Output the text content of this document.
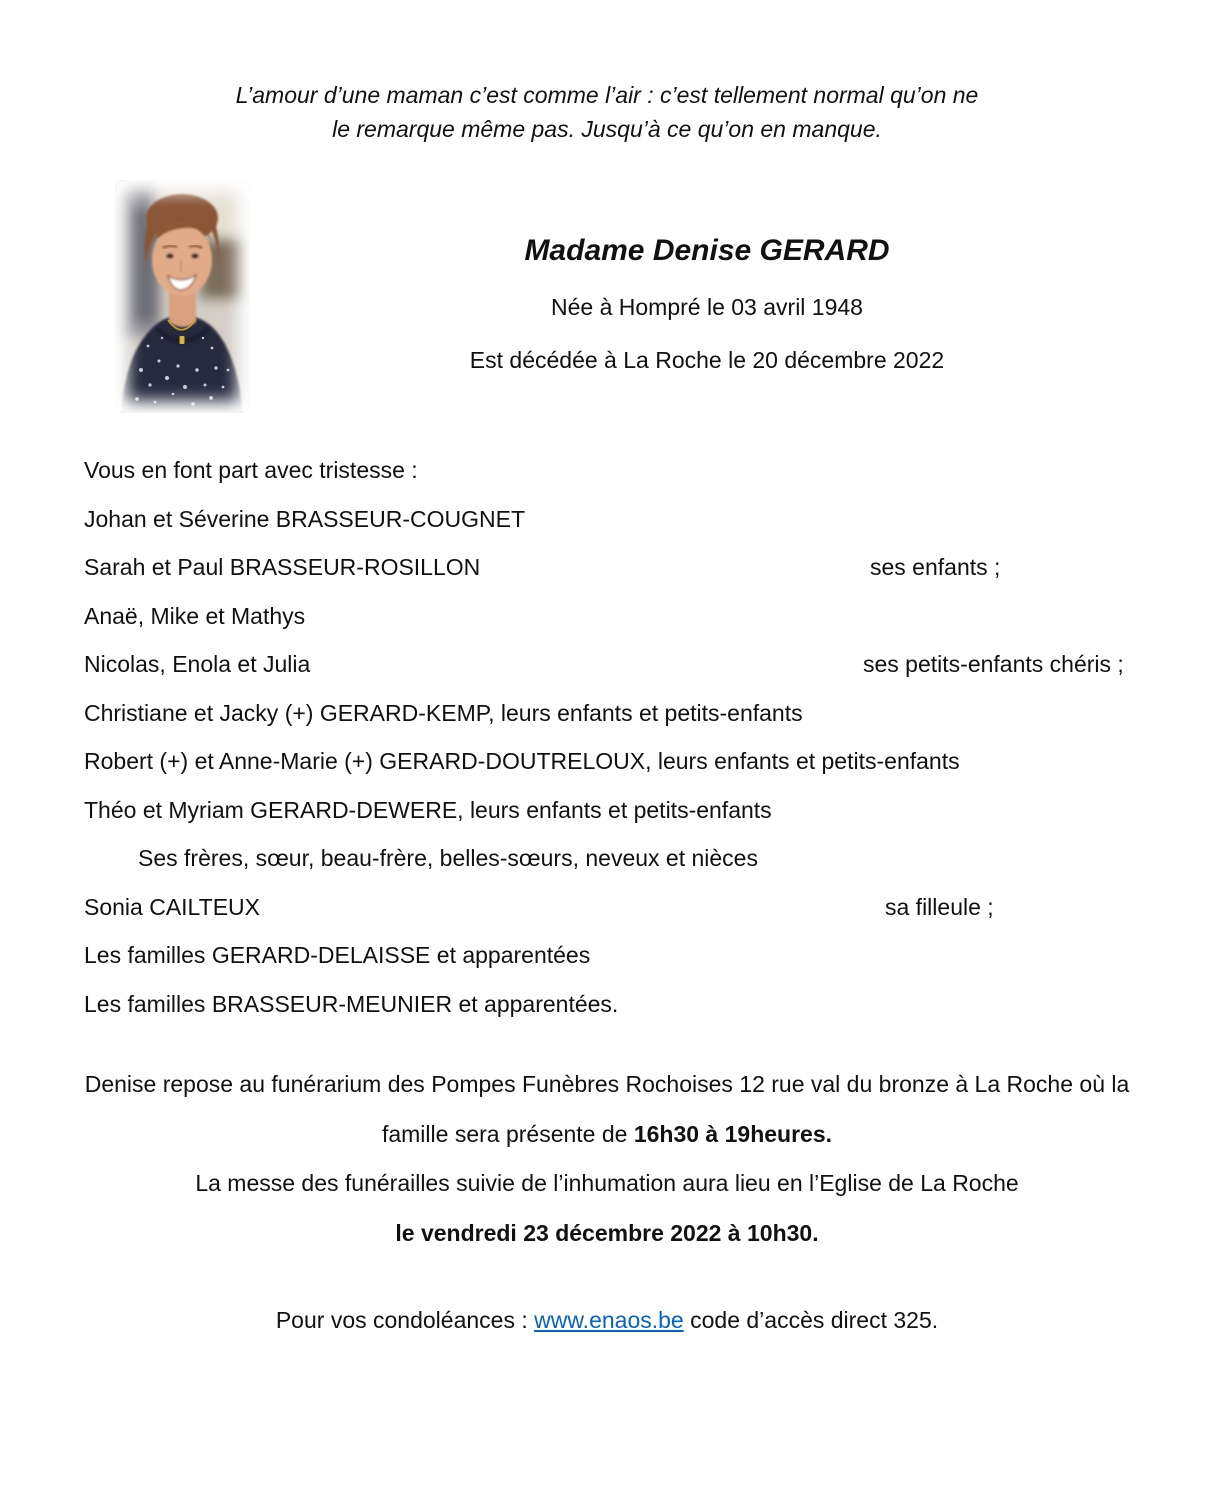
L’amour d’une maman c’est comme l’air : c’est tellement normal qu’on ne
le remarque même pas. Jusqu’à ce qu’on en manque.
Madame Denise GERARD
Née à Hompré le 03 avril 1948
Est décédée à La Roche le 20 décembre 2022
Vous en font part avec tristesse :
Johan et Séverine BRASSEUR-COUGNET
Sarah et Paul BRASSEUR-ROSILLON	ses enfants ;
Anaë, Mike et Mathys
Nicolas, Enola et Julia	ses petits-enfants chéris ;
Christiane et Jacky (+) GERARD-KEMP, leurs enfants et petits-enfants
Robert (+) et Anne-Marie (+) GERARD-DOUTRELOUX, leurs enfants et petits-enfants
Théo et Myriam GERARD-DEWERE, leurs enfants et petits-enfants
Ses frères, sœur, beau-frère, belles-sœurs, neveux et nièces
Sonia CAILTEUX	sa filleule ;
Les familles GERARD-DELAISSE et apparentées
Les familles BRASSEUR-MEUNIER et apparentées.
Denise repose au funérarium des Pompes Funèbres Rochoises 12 rue val du bronze à La Roche où la
famille sera présente de 16h30 à 19heures.
La messe des funérailles suivie de l’inhumation aura lieu en l’Eglise de La Roche
le vendredi 23 décembre 2022 à 10h30.
Pour vos condoléances : www.enaos.be code d’accès direct 325.
